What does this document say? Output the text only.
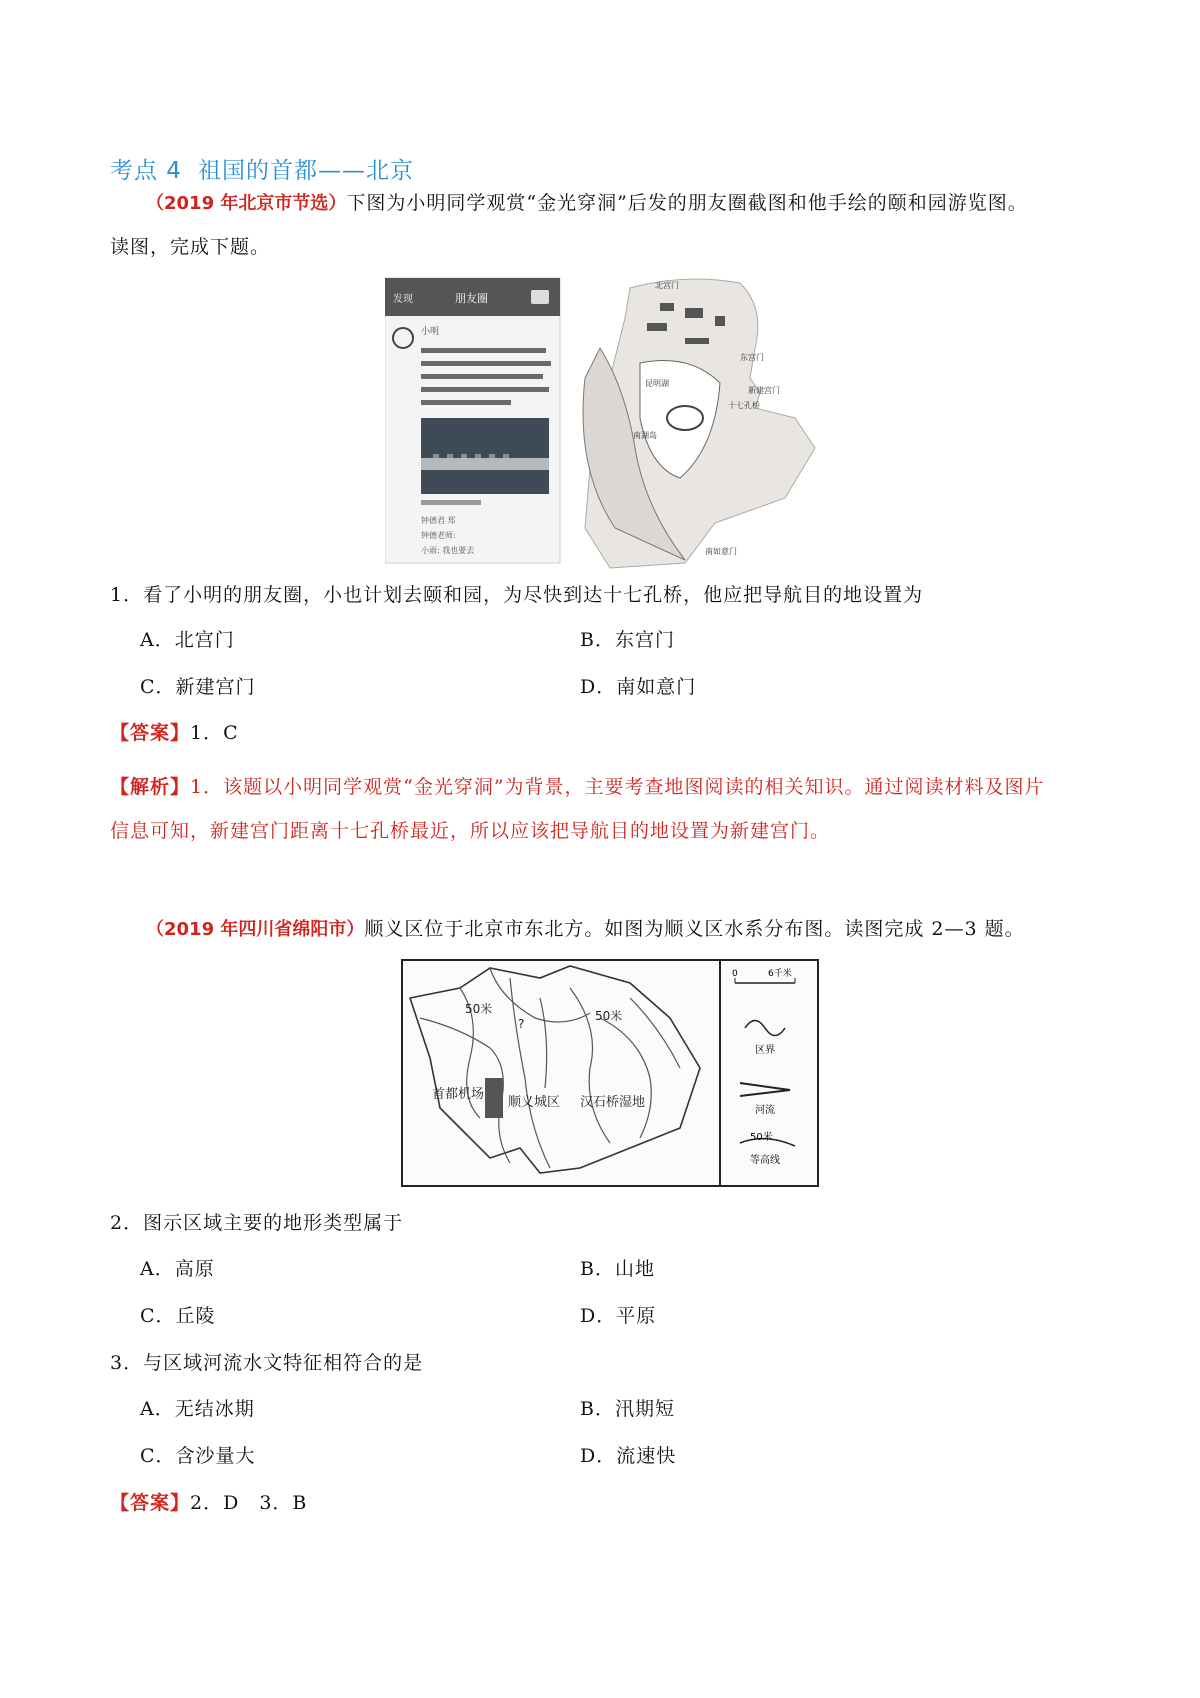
考点 4 祖国的首都——北京
（2019 年北京市节选）下图为小明同学观赏“金光穿洞”后发的朋友圈截图和他手绘的颐和园游览图。
读图，完成下题。
发现	朋友圈
小明
钟德君 郑
钟德老师:
小雨: 我也要去
北宫门
东宫门
十七孔桥
昆明湖
南湖岛
新建宫门
南如意门
1．看了小明的朋友圈，小也计划去颐和园，为尽快到达十七孔桥，他应把导航目的地设置为
A．北宫门	B．东宫门
C．新建宫门	D．南如意门
【答案】1．C
【解析】1．该题以小明同学观赏“金光穿洞”为背景，主要考查地图阅读的相关知识。通过阅读材料及图片
信息可知，新建宫门距离十七孔桥最近，所以应该把导航目的地设置为新建宫门。
（2019 年四川省绵阳市）顺义区位于北京市东北方。如图为顺义区水系分布图。读图完成 2—3 题。
50米	50米
?
首都机场
顺义城区 汉石桥湿地
0	6千米
区界
河流
50米
等高线
2．图示区域主要的地形类型属于
A．高原	B．山地
C．丘陵	D．平原
3．与区域河流水文特征相符合的是
A．无结冰期	B．汛期短
C．含沙量大	D．流速快
【答案】2．D　3．B
